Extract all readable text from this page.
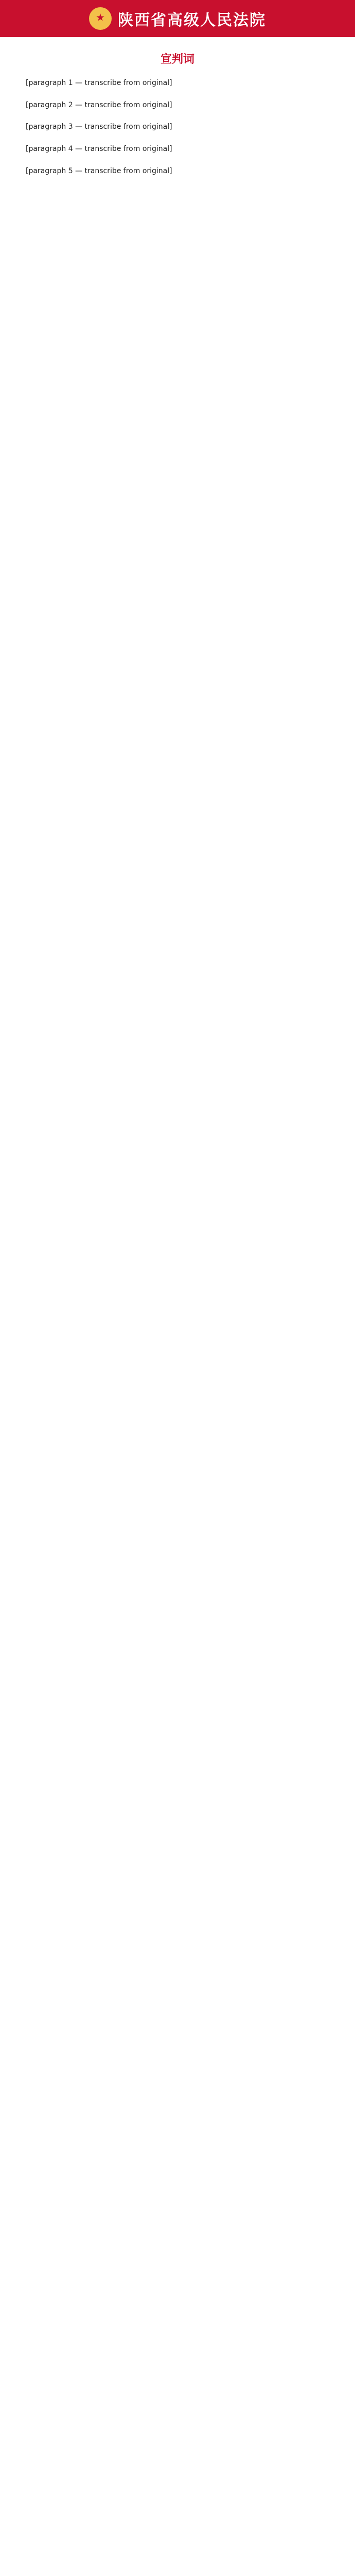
陕西省高级人民法院
宣判词

[paragraph 1 — transcribe from original]

[paragraph 2 — transcribe from original]

[paragraph 3 — transcribe from original]

[paragraph 4 — transcribe from original]

[paragraph 5 — transcribe from original]
